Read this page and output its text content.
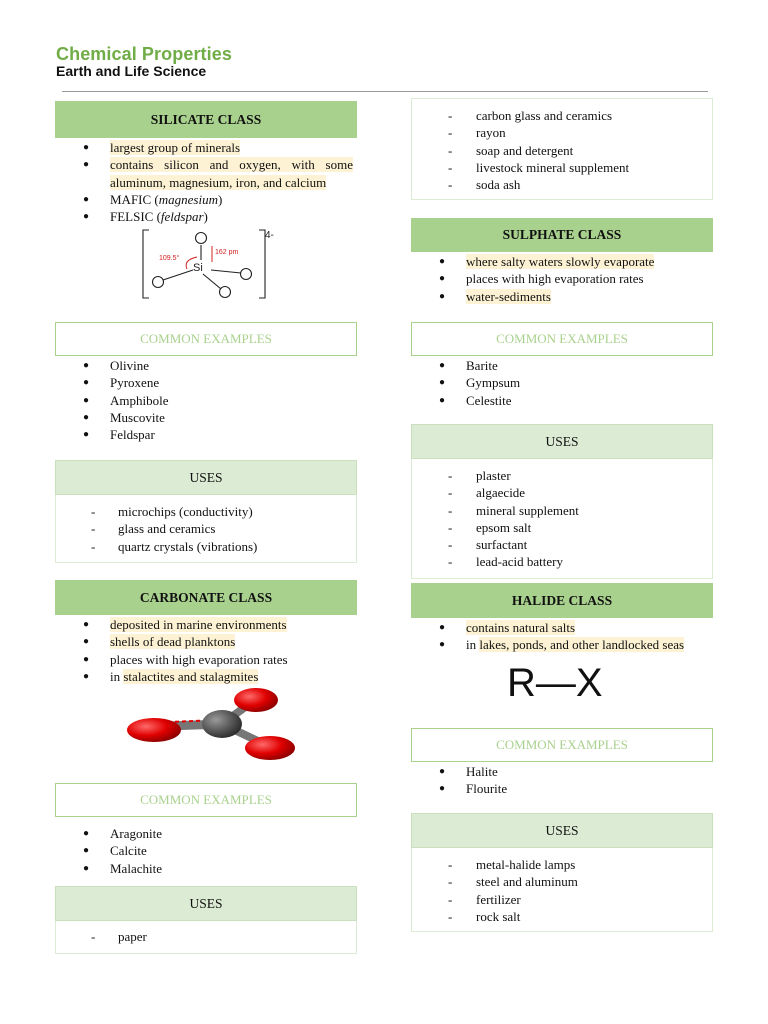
Chemical Properties
Earth and Life Science
SILICATE CLASS
● largest group of minerals
● contains silicon and oxygen, with some aluminum, magnesium, iron, and calcium
● MAFIC (magnesium)
● FELSIC (feldspar)
Si
4-
109.5°
162 pm
COMMON EXAMPLES
● Olivine
● Pyroxene
● Amphibole
● Muscovite
● Feldspar
USES
- microchips (conductivity)
- glass and ceramics
- quartz crystals (vibrations)
CARBONATE CLASS
● deposited in marine environments
● shells of dead planktons
● places with high evaporation rates
● in stalactites and stalagmites
COMMON EXAMPLES
● Aragonite
● Calcite
● Malachite
USES
- paper
- carbon glass and ceramics
- rayon
- soap and detergent
- livestock mineral supplement
- soda ash
SULPHATE CLASS
● where salty waters slowly evaporate
● places with high evaporation rates
● water-sediments
COMMON EXAMPLES
● Barite
● Gympsum
● Celestite
USES
- plaster
- algaecide
- mineral supplement
- epsom salt
- surfactant
- lead-acid battery
HALIDE CLASS
● contains natural salts
● in lakes, ponds, and other landlocked seas
R—X
COMMON EXAMPLES
● Halite
● Flourite
USES
- metal-halide lamps
- steel and aluminum
- fertilizer
- rock salt
